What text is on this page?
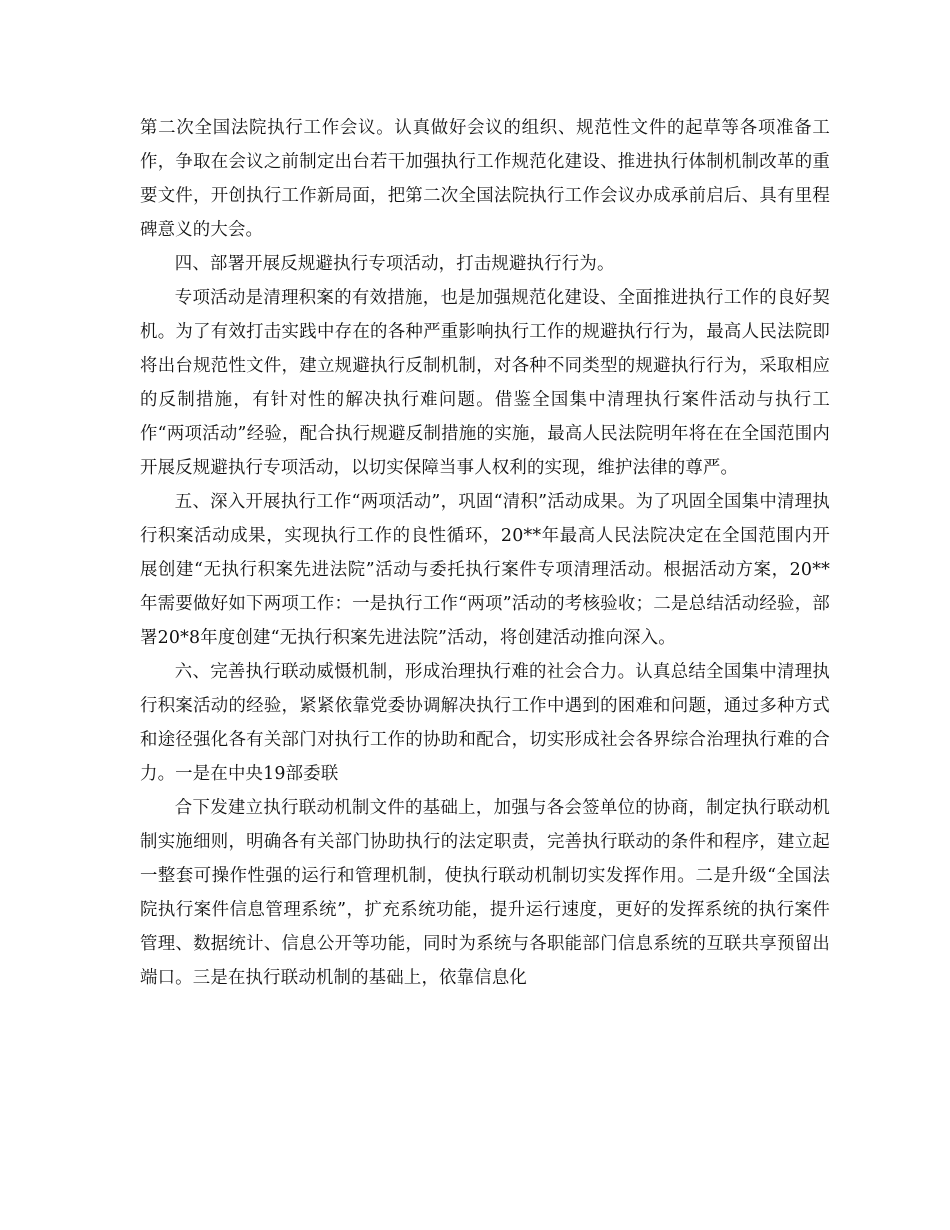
第二次全国法院执行工作会议。认真做好会议的组织、规范性文件的起草等各项准备工作，争取在会议之前制定出台若干加强执行工作规范化建设、推进执行体制机制改革的重要文件，开创执行工作新局面，把第二次全国法院执行工作会议办成承前启后、具有里程碑意义的大会。

四、部署开展反规避执行专项活动，打击规避执行行为。

专项活动是清理积案的有效措施，也是加强规范化建设、全面推进执行工作的良好契机。为了有效打击实践中存在的各种严重影响执行工作的规避执行行为，最高人民法院即将出台规范性文件，建立规避执行反制机制，对各种不同类型的规避执行行为，采取相应的反制措施，有针对性的解决执行难问题。借鉴全国集中清理执行案件活动与执行工作“两项活动”经验，配合执行规避反制措施的实施，最高人民法院明年将在在全国范围内开展反规避执行专项活动，以切实保障当事人权利的实现，维护法律的尊严。

五、深入开展执行工作“两项活动”，巩固“清积”活动成果。为了巩固全国集中清理执行积案活动成果，实现执行工作的良性循环，20**年最高人民法院决定在全国范围内开展创建“无执行积案先进法院”活动与委托执行案件专项清理活动。根据活动方案，20**年需要做好如下两项工作：一是执行工作“两项”活动的考核验收；二是总结活动经验，部署20*8年度创建“无执行积案先进法院”活动，将创建活动推向深入。

六、完善执行联动威慑机制，形成治理执行难的社会合力。认真总结全国集中清理执行积案活动的经验，紧紧依靠党委协调解决执行工作中遇到的困难和问题，通过多种方式和途径强化各有关部门对执行工作的协助和配合，切实形成社会各界综合治理执行难的合力。一是在中央19部委联

合下发建立执行联动机制文件的基础上，加强与各会签单位的协商，制定执行联动机制实施细则，明确各有关部门协助执行的法定职责，完善执行联动的条件和程序，建立起一整套可操作性强的运行和管理机制，使执行联动机制切实发挥作用。二是升级“全国法院执行案件信息管理系统”，扩充系统功能，提升运行速度，更好的发挥系统的执行案件管理、数据统计、信息公开等功能，同时为系统与各职能部门信息系统的互联共享预留出端口。三是在执行联动机制的基础上，依靠信息化
